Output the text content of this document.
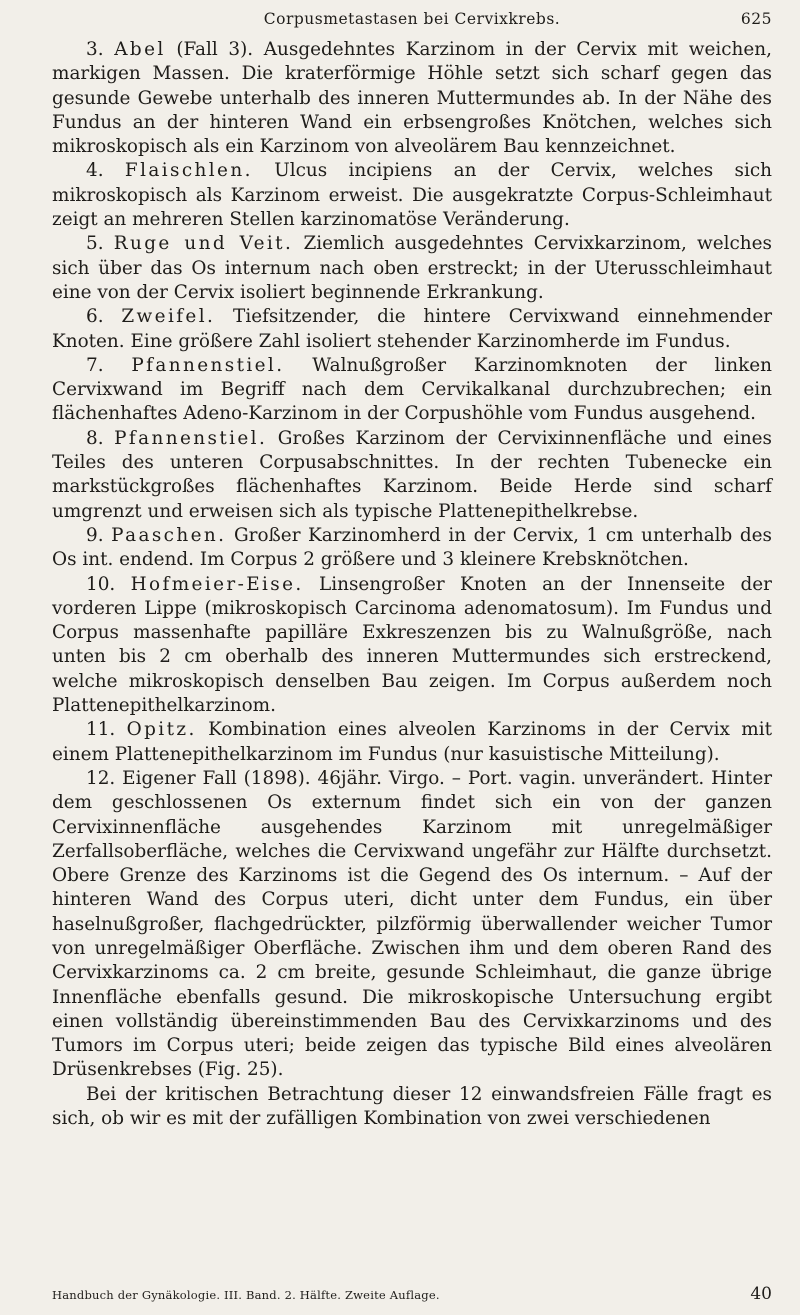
Corpusmetastasen bei Cervixkrebs.	625

3. Abel (Fall 3). Ausgedehntes Karzinom in der Cervix mit weichen, markigen Massen. Die kraterförmige Höhle setzt sich scharf gegen das gesunde Gewebe unterhalb des inneren Muttermundes ab. In der Nähe des Fundus an der hinteren Wand ein erbsengroßes Knötchen, welches sich mikroskopisch als ein Karzinom von alveolärem Bau kennzeichnet.

4. Flaischlen. Ulcus incipiens an der Cervix, welches sich mikroskopisch als Karzinom erweist. Die ausgekratzte Corpus-Schleimhaut zeigt an mehreren Stellen karzinomatöse Veränderung.

5. Ruge und Veit. Ziemlich ausgedehntes Cervixkarzinom, welches sich über das Os internum nach oben erstreckt; in der Uterusschleimhaut eine von der Cervix isoliert beginnende Erkrankung.

6. Zweifel. Tiefsitzender, die hintere Cervixwand einnehmender Knoten. Eine größere Zahl isoliert stehender Karzinomherde im Fundus.

7. Pfannenstiel. Walnußgroßer Karzinomknoten der linken Cervixwand im Begriff nach dem Cervikalkanal durchzubrechen; ein flächenhaftes Adeno-Karzinom in der Corpushöhle vom Fundus ausgehend.

8. Pfannenstiel. Großes Karzinom der Cervixinnenfläche und eines Teiles des unteren Corpusabschnittes. In der rechten Tubenecke ein markstückgroßes flächenhaftes Karzinom. Beide Herde sind scharf umgrenzt und erweisen sich als typische Plattenepithelkrebse.

9. Paaschen. Großer Karzinomherd in der Cervix, 1 cm unterhalb des Os int. endend. Im Corpus 2 größere und 3 kleinere Krebsknötchen.

10. Hofmeier-Eise. Linsengroßer Knoten an der Innenseite der vorderen Lippe (mikroskopisch Carcinoma adenomatosum). Im Fundus und Corpus massenhafte papilläre Exkreszenzen bis zu Walnußgröße, nach unten bis 2 cm oberhalb des inneren Muttermundes sich erstreckend, welche mikroskopisch denselben Bau zeigen. Im Corpus außerdem noch Plattenepithelkarzinom.

11. Opitz. Kombination eines alveolen Karzinoms in der Cervix mit einem Plattenepithelkarzinom im Fundus (nur kasuistische Mitteilung).

12. Eigener Fall (1898). 46jähr. Virgo. – Port. vagin. unverändert. Hinter dem geschlossenen Os externum findet sich ein von der ganzen Cervixinnenfläche ausgehendes Karzinom mit unregelmäßiger Zerfallsoberfläche, welches die Cervixwand ungefähr zur Hälfte durchsetzt. Obere Grenze des Karzinoms ist die Gegend des Os internum. – Auf der hinteren Wand des Corpus uteri, dicht unter dem Fundus, ein über haselnußgroßer, flachgedrückter, pilzförmig überwallender weicher Tumor von unregelmäßiger Oberfläche. Zwischen ihm und dem oberen Rand des Cervixkarzinoms ca. 2 cm breite, gesunde Schleimhaut, die ganze übrige Innenfläche ebenfalls gesund. Die mikroskopische Untersuchung ergibt einen vollständig übereinstimmenden Bau des Cervixkarzinoms und des Tumors im Corpus uteri; beide zeigen das typische Bild eines alveolären Drüsenkrebses (Fig. 25).

Bei der kritischen Betrachtung dieser 12 einwandsfreien Fälle fragt es sich, ob wir es mit der zufälligen Kombination von zwei verschiedenen

Handbuch der Gynäkologie. III. Band. 2. Hälfte. Zweite Auflage.	40
